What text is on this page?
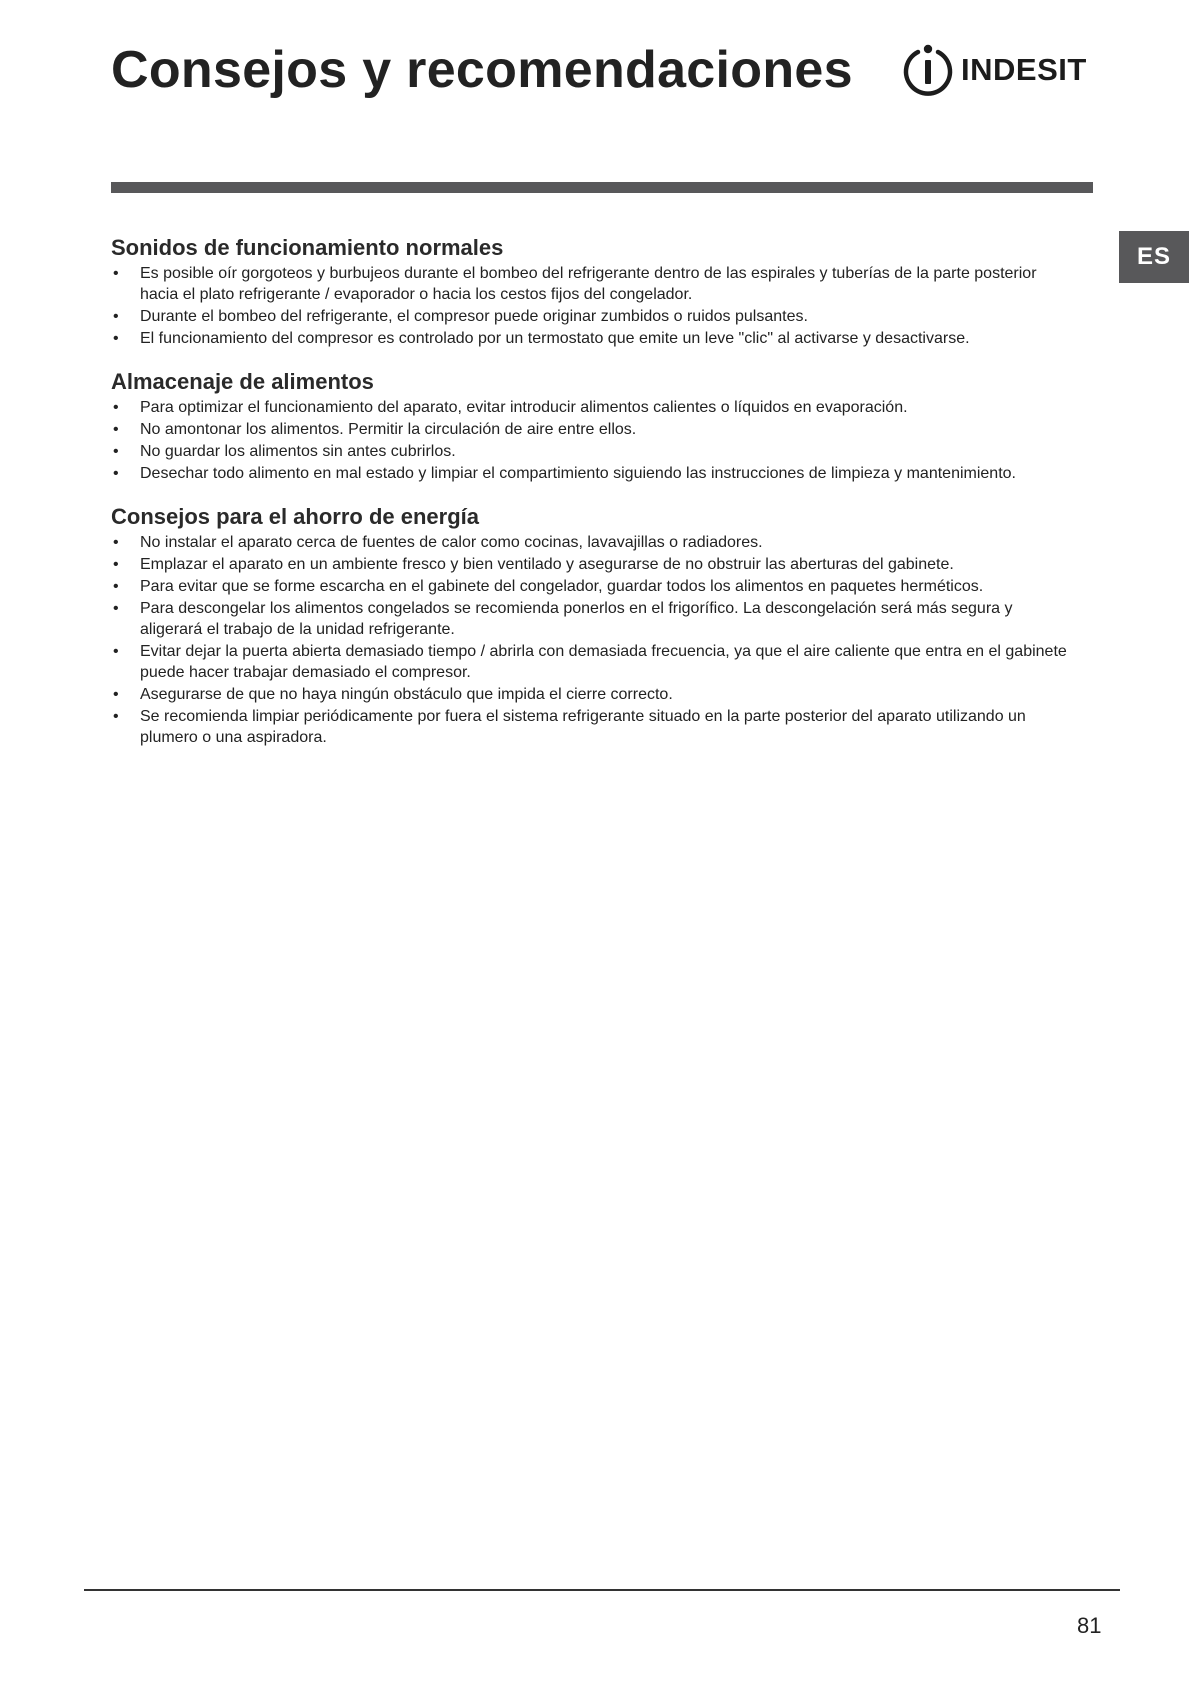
Consejos y recomendaciones	INDESIT
ES
Sonidos de funcionamiento normales
• Es posible oír gorgoteos y burbujeos durante el bombeo del refrigerante dentro de las espirales y tuberías de la parte posterior hacia el plato refrigerante / evaporador o hacia los cestos fijos del congelador.
• Durante el bombeo del refrigerante, el compresor puede originar zumbidos o ruidos pulsantes.
• El funcionamiento del compresor es controlado por un termostato que emite un leve "clic" al activarse y desactivarse.
Almacenaje de alimentos
• Para optimizar el funcionamiento del aparato, evitar introducir alimentos calientes o líquidos en evaporación.
• No amontonar los alimentos. Permitir la circulación de aire entre ellos.
• No guardar los alimentos sin antes cubrirlos.
• Desechar todo alimento en mal estado y limpiar el compartimiento siguiendo las instrucciones de limpieza y mantenimiento.
Consejos para el ahorro de energía
• No instalar el aparato cerca de fuentes de calor como cocinas, lavavajillas o radiadores.
• Emplazar el aparato en un ambiente fresco y bien ventilado y asegurarse de no obstruir las aberturas del gabinete.
• Para evitar que se forme escarcha en el gabinete del congelador, guardar todos los alimentos en paquetes herméticos.
• Para descongelar los alimentos congelados se recomienda ponerlos en el frigorífico. La descongelación será más segura y aligerará el trabajo de la unidad refrigerante.
• Evitar dejar la puerta abierta demasiado tiempo / abrirla con demasiada frecuencia, ya que el aire caliente que entra en el gabinete puede hacer trabajar demasiado el compresor.
• Asegurarse de que no haya ningún obstáculo que impida el cierre correcto.
• Se recomienda limpiar periódicamente por fuera el sistema refrigerante situado en la parte posterior del aparato utilizando un plumero o una aspiradora.
81
